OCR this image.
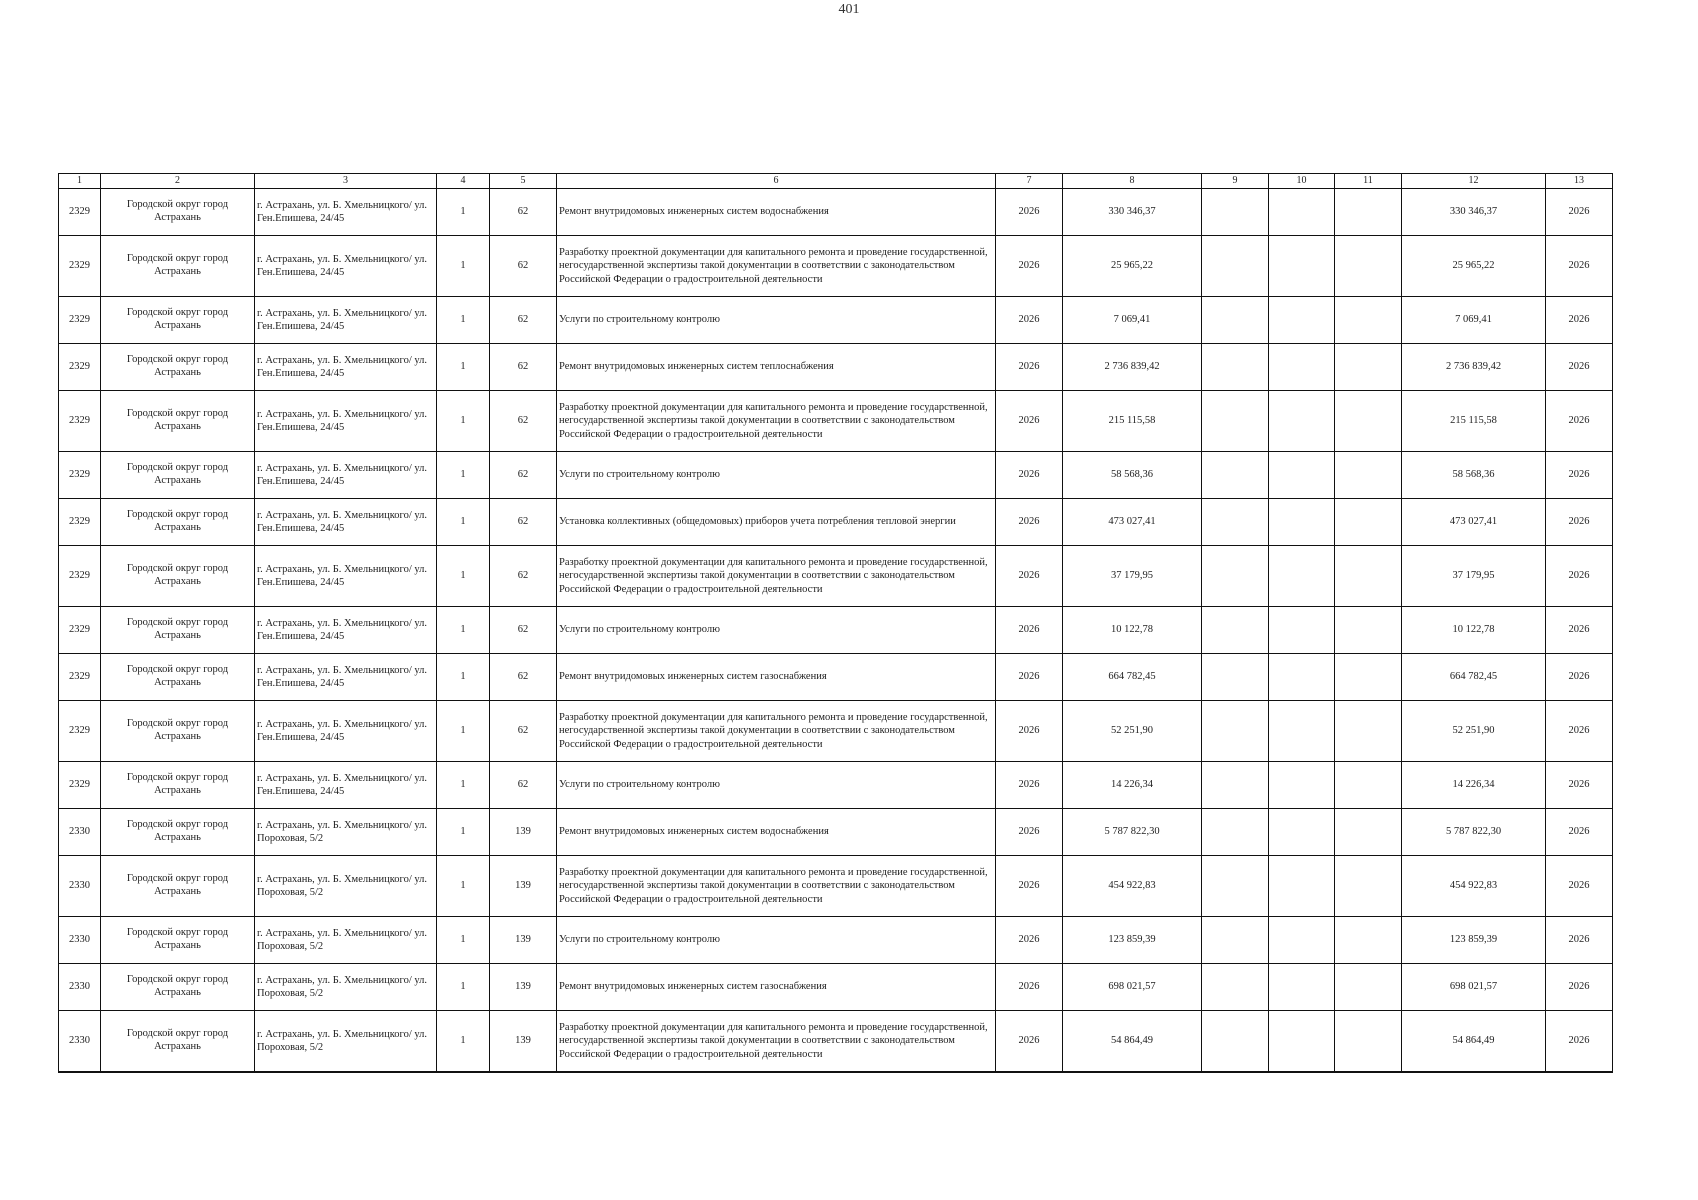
401
1	2	3	4	5	6	7	8	9	10	11	12	13
2329	Городской округ город Астрахань	г. Астрахань, ул. Б. Хмельницкого/ ул. Ген.Епишева, 24/45	1	62	Ремонт внутридомовых инженерных систем водоснабжения	2026	330 346,37				330 346,37	2026
2329	Городской округ город Астрахань	г. Астрахань, ул. Б. Хмельницкого/ ул. Ген.Епишева, 24/45	1	62	Разработку проектной документации для капитального ремонта и проведение государственной, негосударственной экспертизы такой документации в соответствии с законодательством Российской Федерации о градостроительной деятельности	2026	25 965,22				25 965,22	2026
2329	Городской округ город Астрахань	г. Астрахань, ул. Б. Хмельницкого/ ул. Ген.Епишева, 24/45	1	62	Услуги по строительному контролю	2026	7 069,41				7 069,41	2026
2329	Городской округ город Астрахань	г. Астрахань, ул. Б. Хмельницкого/ ул. Ген.Епишева, 24/45	1	62	Ремонт внутридомовых инженерных систем теплоснабжения	2026	2 736 839,42				2 736 839,42	2026
2329	Городской округ город Астрахань	г. Астрахань, ул. Б. Хмельницкого/ ул. Ген.Епишева, 24/45	1	62	Разработку проектной документации для капитального ремонта и проведение государственной, негосударственной экспертизы такой документации в соответствии с законодательством Российской Федерации о градостроительной деятельности	2026	215 115,58				215 115,58	2026
2329	Городской округ город Астрахань	г. Астрахань, ул. Б. Хмельницкого/ ул. Ген.Епишева, 24/45	1	62	Услуги по строительному контролю	2026	58 568,36				58 568,36	2026
2329	Городской округ город Астрахань	г. Астрахань, ул. Б. Хмельницкого/ ул. Ген.Епишева, 24/45	1	62	Установка коллективных (общедомовых) приборов учета потребления тепловой энергии	2026	473 027,41				473 027,41	2026
2329	Городской округ город Астрахань	г. Астрахань, ул. Б. Хмельницкого/ ул. Ген.Епишева, 24/45	1	62	Разработку проектной документации для капитального ремонта и проведение государственной, негосударственной экспертизы такой документации в соответствии с законодательством Российской Федерации о градостроительной деятельности	2026	37 179,95				37 179,95	2026
2329	Городской округ город Астрахань	г. Астрахань, ул. Б. Хмельницкого/ ул. Ген.Епишева, 24/45	1	62	Услуги по строительному контролю	2026	10 122,78				10 122,78	2026
2329	Городской округ город Астрахань	г. Астрахань, ул. Б. Хмельницкого/ ул. Ген.Епишева, 24/45	1	62	Ремонт внутридомовых инженерных систем газоснабжения	2026	664 782,45				664 782,45	2026
2329	Городской округ город Астрахань	г. Астрахань, ул. Б. Хмельницкого/ ул. Ген.Епишева, 24/45	1	62	Разработку проектной документации для капитального ремонта и проведение государственной, негосударственной экспертизы такой документации в соответствии с законодательством Российской Федерации о градостроительной деятельности	2026	52 251,90				52 251,90	2026
2329	Городской округ город Астрахань	г. Астрахань, ул. Б. Хмельницкого/ ул. Ген.Епишева, 24/45	1	62	Услуги по строительному контролю	2026	14 226,34				14 226,34	2026
2330	Городской округ город Астрахань	г. Астрахань, ул. Б. Хмельницкого/ ул. Пороховая, 5/2	1	139	Ремонт внутридомовых инженерных систем водоснабжения	2026	5 787 822,30				5 787 822,30	2026
2330	Городской округ город Астрахань	г. Астрахань, ул. Б. Хмельницкого/ ул. Пороховая, 5/2	1	139	Разработку проектной документации для капитального ремонта и проведение государственной, негосударственной экспертизы такой документации в соответствии с законодательством Российской Федерации о градостроительной деятельности	2026	454 922,83				454 922,83	2026
2330	Городской округ город Астрахань	г. Астрахань, ул. Б. Хмельницкого/ ул. Пороховая, 5/2	1	139	Услуги по строительному контролю	2026	123 859,39				123 859,39	2026
2330	Городской округ город Астрахань	г. Астрахань, ул. Б. Хмельницкого/ ул. Пороховая, 5/2	1	139	Ремонт внутридомовых инженерных систем газоснабжения	2026	698 021,57				698 021,57	2026
2330	Городской округ город Астрахань	г. Астрахань, ул. Б. Хмельницкого/ ул. Пороховая, 5/2	1	139	Разработку проектной документации для капитального ремонта и проведение государственной, негосударственной экспертизы такой документации в соответствии с законодательством Российской Федерации о градостроительной деятельности	2026	54 864,49				54 864,49	2026
